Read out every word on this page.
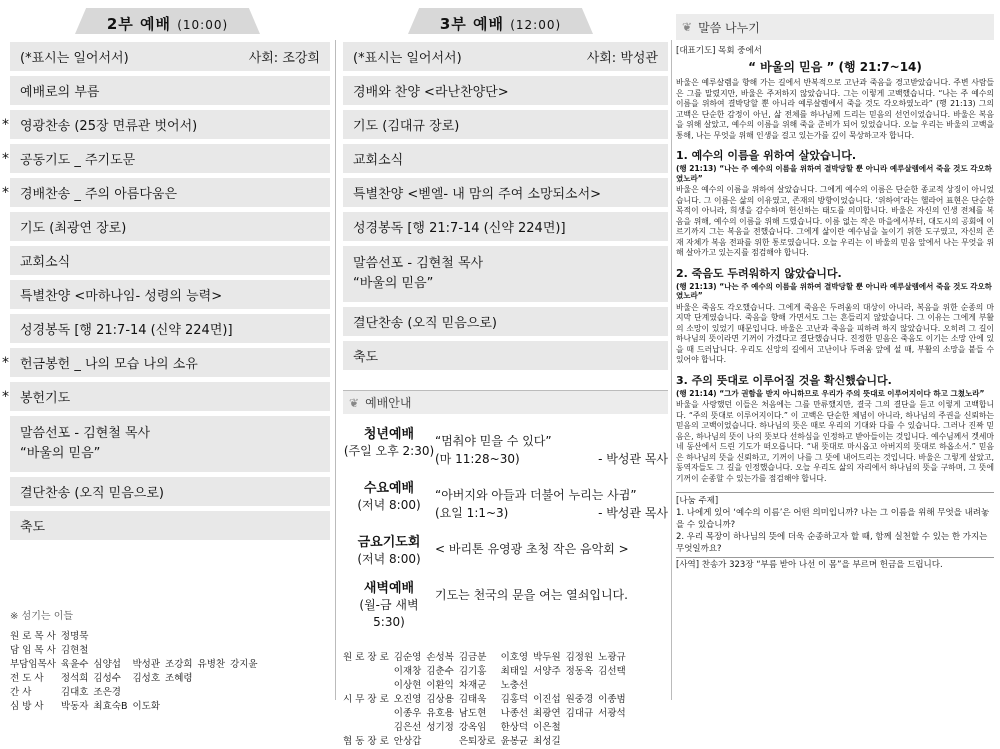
2부 예배 (10:00)
(*표시는 일어서서)	사회: 조강희
예배로의 부름
* 영광찬송 (25장 면류관 벗어서)
* 공동기도 _ 주기도문
* 경배찬송 _ 주의 아름다움은
기도 (최광연 장로)
교회소식
특별찬양 <마하나임- 성령의 능력>
성경봉독 [행 21:7-14 (신약 224면)]
* 헌금봉헌 _ 나의 모습 나의 소유
* 봉헌기도
말씀선포 - 김현철 목사
“바울의 믿음”
결단찬송 (오직 믿음으로)
축도
※ 섬기는 이들
원 로 목 사	정명묵						
담 임 목 사	김현철						
부담임목사	육윤수	심양섭	박성관	조강희	유병찬	강지윤	
전 도 사	정석희	김성수	김성호	조혜령			
간 사	김대호	조은경					
심 방 사	박동자	최효숙B	이도화				
3부 예배 (12:00)
(*표시는 일어서서)	사회: 박성관
경배와 찬양 <라난찬양단>
기도 (김대규 장로)
교회소식
특별찬양 <벧엘- 내 맘의 주여 소망되소서>
성경봉독 [행 21:7-14 (신약 224면)]
말씀선포 - 김현철 목사
“바울의 믿음”
결단찬송 (오직 믿음으로)
축도
❦ 예배안내
청년예배
(주일 오후 2:30)
“멈춰야 믿을 수 있다”
(마 11:28~30)	- 박성관 목사
수요예배
(저녁 8:00)
“아버지와 아들과 더불어 누리는 사귐”
(요일 1:1~3)	- 박성관 목사
금요기도회
(저녁 8:00)
< 바리톤 유영광 초청 작은 음악회 >
새벽예배
(월-금 새벽 5:30)
기도는 천국의 문을 여는 열쇠입니다.
원 로 장 로	김순영	손성복	김금분	이호영	박두원	김정원	노광규
	이재창	김춘수	김기홍	최태일	서양주	정동옥	김선택
	이상현	이환익	차재군	노충선			
시 무 장 로	오진영	김상용	김태욱	김홍덕	이진섭	원중경	이종범
	이종우	유호용	남도현	나종선	최광연	김대규	서광석
	김은선	성기정	강옥임	한상덕	이은철		
협 동 장 로	안상갑		은퇴장로	윤봉균	최성길		
❦ 말씀 나누기
[대표기도] 목회 중에서
“ 바울의 믿음 ” (행 21:7~14)
바울은 예루살렘을 향해 가는 길에서 반복적으로 고난과 죽음을 경고받았습니다. 주변 사람들은 그를 말렸지만, 바울은 주저하지 않았습니다. 그는 이렇게 고백했습니다. “나는 주 예수의 이름을 위하여 결박당할 뿐 아니라 예루살렘에서 죽을 것도 각오하였노라” (행 21:13) 그의 고백은 단순한 감정이 아닌, 삶 전체를 하나님께 드리는 믿음의 선언이었습니다. 바울은 복음을 위해 살았고, 예수의 이름을 위해 죽을 준비가 되어 있었습니다. 오늘 우리는 바울의 고백을 통해, 나는 무엇을 위해 인생을 걸고 있는가를 깊이 묵상하고자 합니다.
1. 예수의 이름을 위하여 살았습니다.
(행 21:13) “나는 주 예수의 이름을 위하여 결박당할 뿐 아니라 예루살렘에서 죽을 것도 각오하였노라”
바울은 예수의 이름을 위하여 살았습니다. 그에게 예수의 이름은 단순한 종교적 상징이 아니었습니다. 그 이름은 삶의 이유였고, 존재의 방향이었습니다. ‘위하여’라는 헬라어 표현은 단순한 목적이 아니라, 희생을 감수하며 헌신하는 태도를 의미합니다. 바울은 자신의 인생 전체를 복음을 위해, 예수의 이름을 위해 드렸습니다. 이름 없는 작은 마을에서부터, 대도시의 공회에 이르기까지 그는 복음을 전했습니다. 그에게 삶이란 예수님을 높이기 위한 도구였고, 자신의 존재 자체가 복음 전파를 위한 통로였습니다. 오늘 우리는 이 바울의 믿음 앞에서 나는 무엇을 위해 살아가고 있는지를 점검해야 합니다.
2. 죽음도 두려워하지 않았습니다.
(행 21:13) “나는 주 예수의 이름을 위하여 결박당할 뿐 아니라 예루살렘에서 죽을 것도 각오하였노라”
바울은 죽음도 각오했습니다. 그에게 죽음은 두려움의 대상이 아니라, 복음을 위한 순종의 마지막 단계였습니다. 죽음을 향해 가면서도 그는 흔들리지 않았습니다. 그 이유는 그에게 부활의 소망이 있었기 때문입니다. 바울은 고난과 죽음을 피하려 하지 않았습니다. 오히려 그 길이 하나님의 뜻이라면 기꺼이 가겠다고 결단했습니다. 진정한 믿음은 죽음도 이기는 소망 안에 있을 때 드러납니다. 우리도 신앙의 길에서 고난이나 두려움 앞에 설 때, 부활의 소망을 붙들 수 있어야 합니다.
3. 주의 뜻대로 이루어질 것을 확신했습니다.
(행 21:14) “그가 권함을 받지 아니하므로 우리가 주의 뜻대로 이루어지이다 하고 그쳤노라”
바울을 사랑했던 이들은 처음에는 그를 만류했지만, 결국 그의 결단을 듣고 이렇게 고백합니다. “주의 뜻대로 이루어지이다.” 이 고백은 단순한 체념이 아니라, 하나님의 주권을 신뢰하는 믿음의 고백이었습니다. 하나님의 뜻은 때로 우리의 기대와 다를 수 있습니다. 그러나 진짜 믿음은, 하나님의 뜻이 나의 뜻보다 선하심을 인정하고 받아들이는 것입니다. 예수님께서 겟세마네 동산에서 드린 기도가 떠오릅니다. “내 뜻대로 마시옵고 아버지의 뜻대로 하옵소서.” 믿음은 하나님의 뜻을 신뢰하고, 기꺼이 나를 그 뜻에 내어드리는 것입니다. 바울은 그렇게 살았고, 동역자들도 그 길을 인정했습니다. 오늘 우리도 삶의 자리에서 하나님의 뜻을 구하며, 그 뜻에 기꺼이 순종할 수 있는가를 점검해야 합니다.
[나눔 주제]
1. 나에게 있어 ‘예수의 이름’은 어떤 의미입니까? 나는 그 이름을 위해 무엇을 내려놓을 수 있습니까?
2. 우리 목장이 하나님의 뜻에 더욱 순종하고자 할 때, 함께 실천할 수 있는 한 가지는 무엇일까요?
[사역] 찬송가 323장 “부름 받아 나선 이 몸”을 부르며 헌금을 드립니다.
